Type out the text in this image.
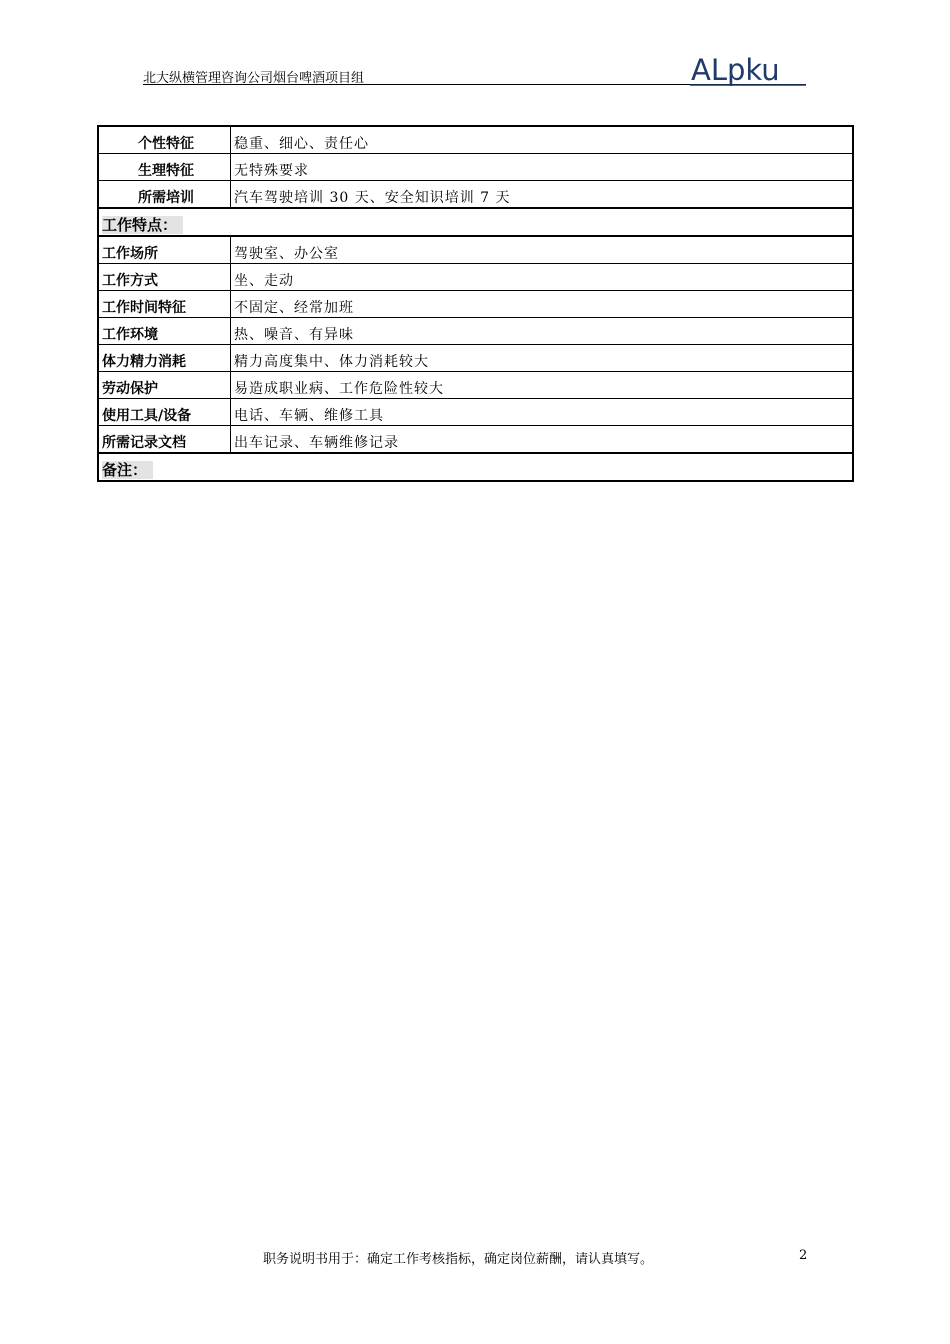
北大纵横管理咨询公司烟台啤酒项目组	ALpku
个性特征	稳重、细心、责任心
生理特征	无特殊要求
所需培训	汽车驾驶培训 30 天、安全知识培训 7 天
工作特点：	
工作场所	驾驶室、办公室
工作方式	坐、走动
工作时间特征	不固定、经常加班
工作环境	热、噪音、有异味
体力精力消耗	精力高度集中、体力消耗较大
劳动保护	易造成职业病、工作危险性较大
使用工具/设备	电话、车辆、维修工具
所需记录文档	出车记录、车辆维修记录
备注：	
职务说明书用于：确定工作考核指标，确定岗位薪酬，请认真填写。	2
